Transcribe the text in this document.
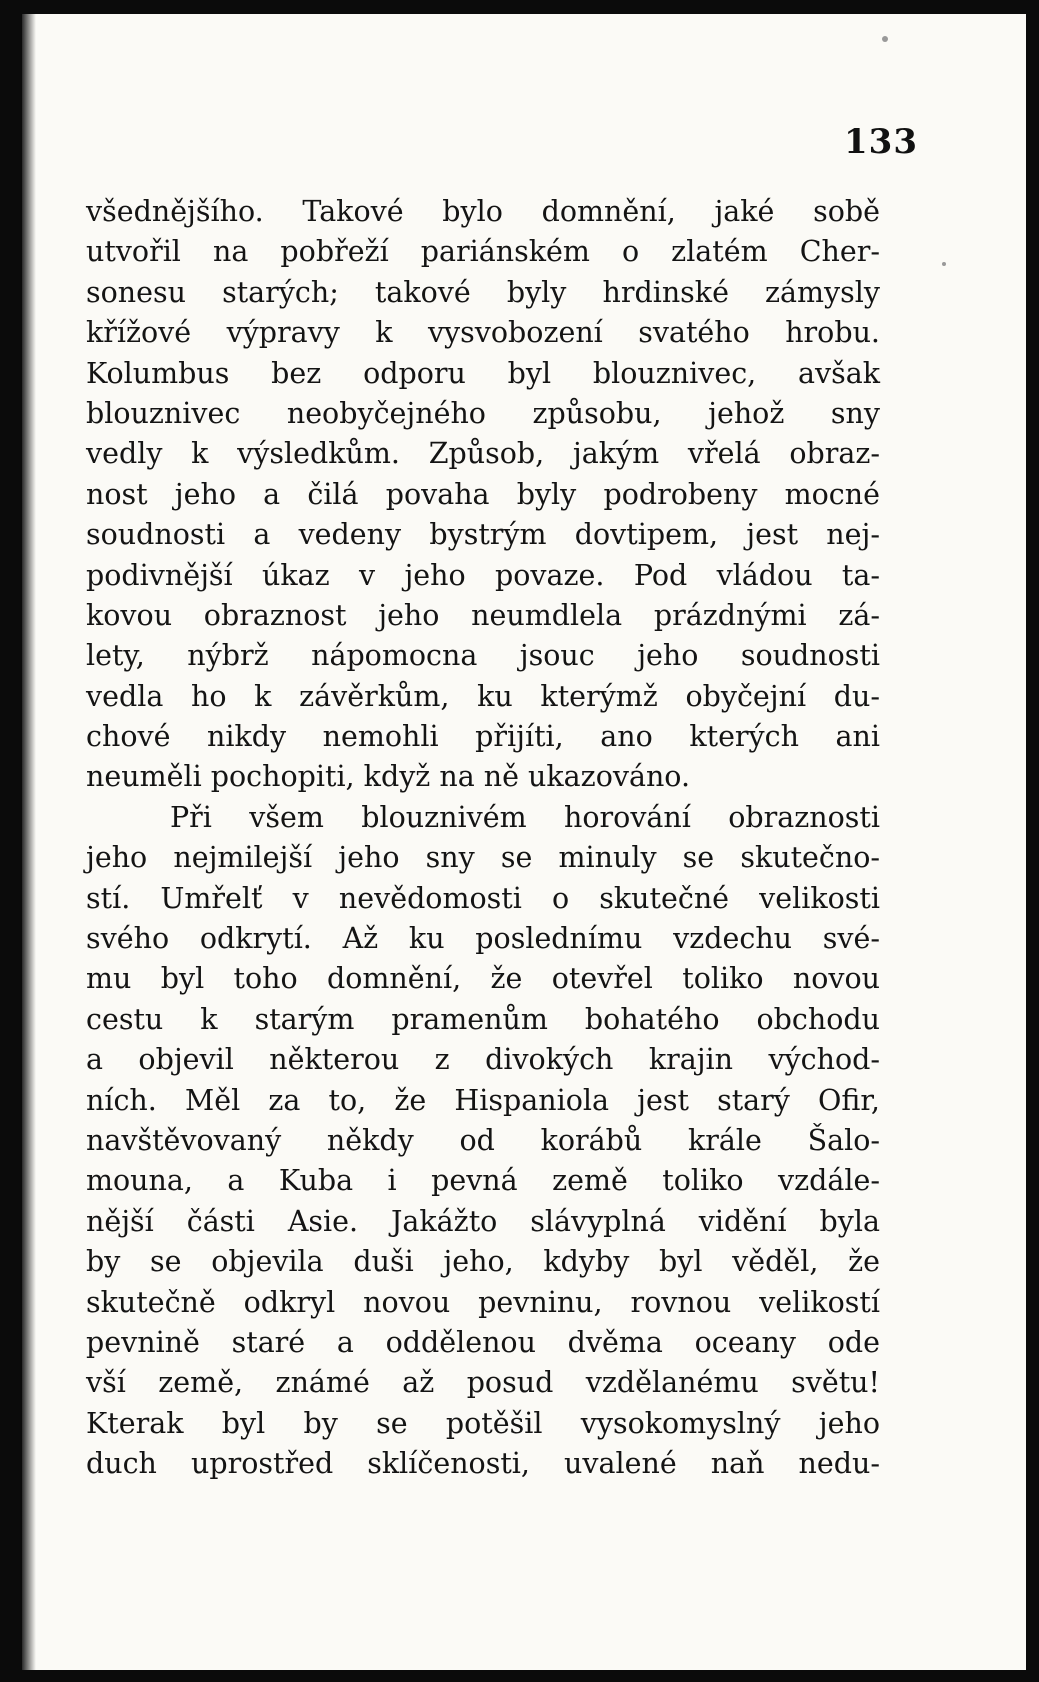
133
všednějšího. Takové bylo domnění, jaké sobě
utvořil na pobřeží pariánském o zlatém Cher-
sonesu starých; takové byly hrdinské zámysly
křížové výpravy k vysvobození svatého hrobu.
Kolumbus bez odporu byl blouznivec, avšak
blouznivec neobyčejného způsobu, jehož sny
vedly k výsledkům. Způsob, jakým vřelá obraz-
nost jeho a čilá povaha byly podrobeny mocné
soudnosti a vedeny bystrým dovtipem, jest nej-
podivnější úkaz v jeho povaze. Pod vládou ta-
kovou obraznost jeho neumdlela prázdnými zá-
lety, nýbrž nápomocna jsouc jeho soudnosti
vedla ho k závěrkům, ku kterýmž obyčejní du-
chové nikdy nemohli přijíti, ano kterých ani
neuměli pochopiti, když na ně ukazováno.
Při všem blouznivém horování obraznosti
jeho nejmilejší jeho sny se minuly se skutečno-
stí. Umřelť v nevědomosti o skutečné velikosti
svého odkrytí. Až ku poslednímu vzdechu své-
mu byl toho domnění, že otevřel toliko novou
cestu k starým pramenům bohatého obchodu
a objevil některou z divokých krajin východ-
ních. Měl za to, že Hispaniola jest starý Ofir,
navštěvovaný někdy od korábů krále Šalo-
mouna, a Kuba i pevná země toliko vzdále-
nější části Asie. Jakážto slávyplná vidění byla
by se objevila duši jeho, kdyby byl věděl, že
skutečně odkryl novou pevninu, rovnou velikostí
pevnině staré a oddělenou dvěma oceany ode
vší země, známé až posud vzdělanému světu!
Kterak byl by se potěšil vysokomyslný jeho
duch uprostřed sklíčenosti, uvalené naň nedu-
